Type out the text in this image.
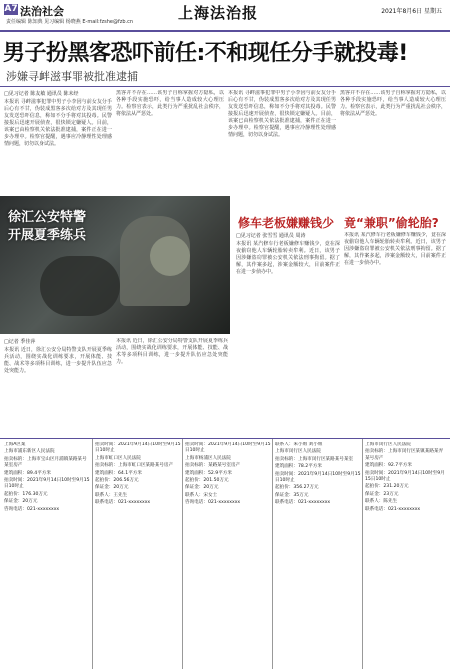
A7 法治社会
责任编辑 陈知典 见习编辑 杨晓燕 E-mail:fzshe@fzb.cn	上海法治报	2021年8月6日 星期五
男子扮黑客恐吓前任:不和现任分手就投毒!
涉嫌寻衅滋事罪被批准逮捕
□见习记者 陈友敏 通讯员 陈未经

本报讯 寻衅滋事犯罪中男子小李因与前女友分手后心有不甘，伪装成黑客多次给对方及其现任男友发送恐吓信息，称如不分手将对其投毒。民警接报后迅速开展侦查，很快锁定嫌疑人。目前，该案已由检察机关依法批准逮捕，案件正在进一步办理中。检察官提醒，遇事应冷静理性处理感情问题，切勿以身试法。

黑客并不存在……该男子自称掌握对方隐私，以各种手段实施恐吓，给当事人造成较大心理压力。检察官表示，此类行为严重扰乱社会秩序，将依法从严惩处。

本报讯 寻衅滋事犯罪中男子小李因与前女友分手后心有不甘，伪装成黑客多次给对方及其现任男友发送恐吓信息，称如不分手将对其投毒。民警接报后迅速开展侦查，很快锁定嫌疑人。目前，该案已由检察机关依法批准逮捕，案件正在进一步办理中。检察官提醒，遇事应冷静理性处理感情问题，切勿以身试法。

黑客并不存在……该男子自称掌握对方隐私，以各种手段实施恐吓，给当事人造成较大心理压力。检察官表示，此类行为严重扰乱社会秩序，将依法从严惩处。

徐汇公安特警
开展夏季练兵
□记者 季佳萍

本报讯 近日，徐汇公安分局特警支队开展夏季练兵活动，围绕实战化训练要求，开展体能、技能、战术等多项科目训练，进一步提升队伍应急处突能力。

本报讯 近日，徐汇公安分局特警支队开展夏季练兵活动，围绕实战化训练要求，开展体能、技能、战术等多项科目训练，进一步提升队伍应急处突能力。

修车老板嫌赚钱少 竟“兼职”偷轮胎?
□见习记者 张雪雪 通讯员 周涛

本报讯 某汽修车行老板嫌修车赚钱少，竟在深夜偷窃他人车辆轮胎转卖牟利。近日，该男子因涉嫌盗窃罪被公安机关依法刑事拘留。据了解，其作案多起，涉案金额较大，目前案件正在进一步侦办中。

本报讯 某汽修车行老板嫌修车赚钱少，竟在深夜偷窃他人车辆轮胎转卖牟利。近日，该男子因涉嫌盗窃罪被公安机关依法刑事拘留。据了解，其作案多起，涉案金额较大，目前案件正在进一步侦办中。

上海A区案

上海市浦东新区人民法院

拍卖标的：上海市宝山区月浦镇某路某号某室房产

建筑面积：89.4平方米

拍卖时间：2021年9月14日10时至9月15日10时止

起拍价：176.30万元

保证金：20万元

咨询电话：021-xxxxxxxx

拍卖时间：2021年9月14日10时至9月15日10时止

上海市虹口区人民法院

拍卖标的：上海市虹口区某路某号房产

建筑面积：64.1平方米

起拍价：206.56万元

保证金：20万元

联系人：王先生

联系电话：021-xxxxxxxx

拍卖时间：2021年9月14日10时至9月15日10时止

上海市杨浦区人民法院

拍卖标的：某路某号室房产

建筑面积：52.9平方米

起拍价：201.50万元

保证金：20万元

联系人：宋女士

咨询电话：021-xxxxxxxx

联系人：朱小姐 刘小姐

上海市闵行区人民法院

拍卖标的：上海市闵行区某路某号某室

建筑面积：78.2平方米

拍卖时间：2021年9月14日10时至9月15日10时止

起拍价：356.27万元

保证金：35万元

联系电话：021-xxxxxxxx

上海市闵行区人民法院

拍卖标的：上海市闵行区某镇某路某弄某号房产

建筑面积：92.7平方米

拍卖时间：2021年9月14日10时至9月15日10时止

起拍价：231.20万元

保证金：23万元

联系人：陈先生

联系电话：021-xxxxxxxx
